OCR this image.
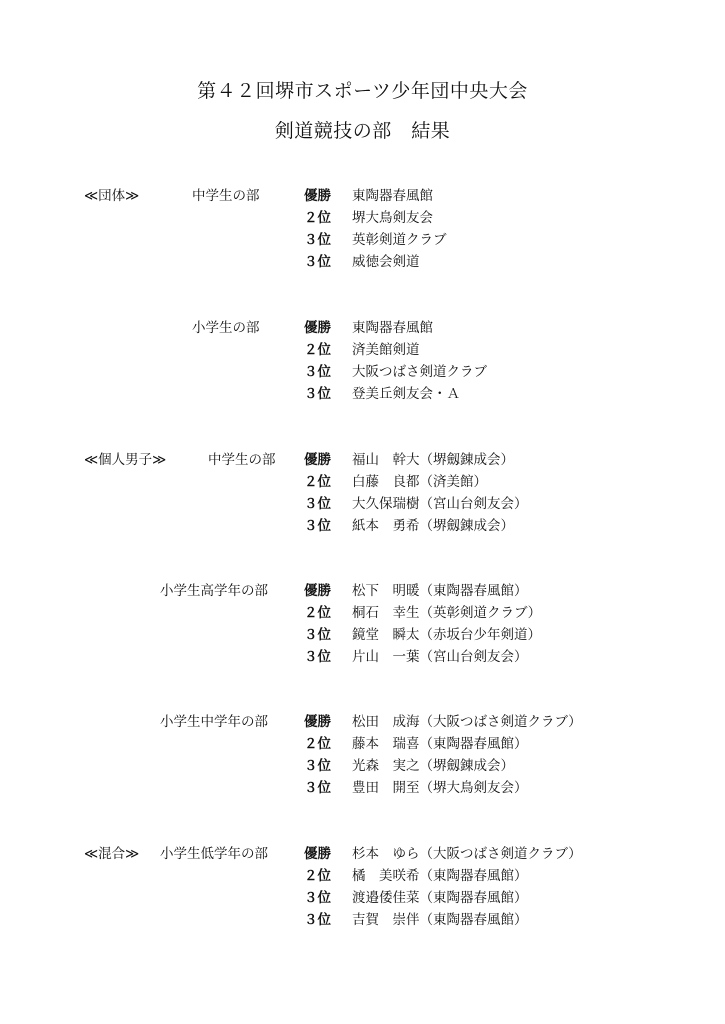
第４２回堺市スポーツ少年団中央大会
剣道競技の部　結果
≪団体≫	中学生の部	優勝 東陶器春風館
２位 堺大鳥剣友会
３位 英彰剣道クラブ
３位 威徳会剣道
小学生の部	優勝 東陶器春風館
２位 済美館剣道
３位 大阪つばさ剣道クラブ
３位 登美丘剣友会・Ａ
≪個人男子≫	中学生の部 優勝 福山　幹大（堺劔錬成会）
２位 白藤　良都（済美館）
３位 大久保瑞樹（宮山台剣友会）
３位 紙本　勇希（堺劔錬成会）
小学生高学年の部	優勝 松下　明暖（東陶器春風館）
２位 桐石　幸生（英彰剣道クラブ）
３位 鏡堂　瞬太（赤坂台少年剣道）
３位 片山　一葉（宮山台剣友会）
小学生中学年の部	優勝 松田　成海（大阪つばさ剣道クラブ）
２位 藤本　瑞喜（東陶器春風館）
３位 光森　実之（堺劔錬成会）
３位 豊田　開至（堺大鳥剣友会）
≪混合≫ 小学生低学年の部	優勝 杉本　ゆら（大阪つばさ剣道クラブ）
２位 橘　美咲希（東陶器春風館）
３位 渡邉倭佳菜（東陶器春風館）
３位 吉賀　崇伴（東陶器春風館）
